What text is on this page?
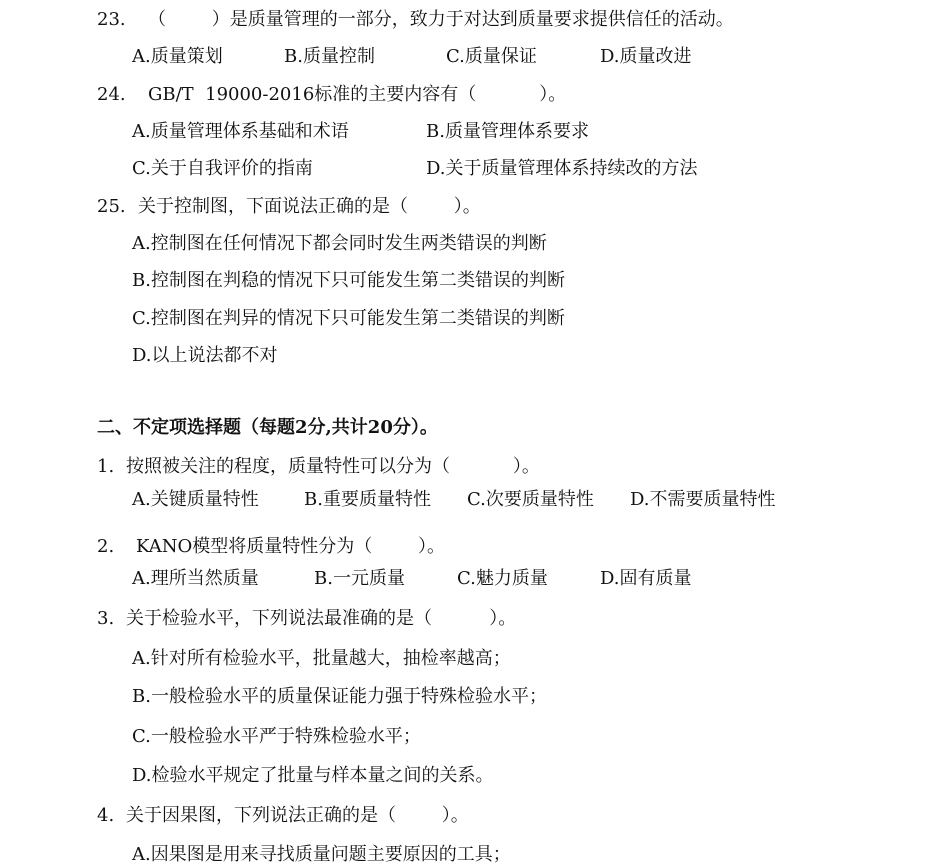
23. （        ）是质量管理的一部分，致力于对达到质量要求提供信任的活动。
A.质量策划	B.质量控制	C.质量保证	D.质量改进
24. GB/T  19000-2016标准的主要内容有（           ）。
A.质量管理体系基础和术语	B.质量管理体系要求
C.关于自我评价的指南	D.关于质量管理体系持续改的方法
25. 关于控制图，下面说法正确的是（        ）。
A.控制图在任何情况下都会同时发生两类错误的判断
B.控制图在判稳的情况下只可能发生第二类错误的判断
C.控制图在判异的情况下只可能发生第二类错误的判断
D.以上说法都不对
二、不定项选择题（每题2分,共计20分）。
1. 按照被关注的程度，质量特性可以分为（           ）。
A.关键质量特性	B.重要质量特性 C.次要质量特性 D.不需要质量特性
2. KANO模型将质量特性分为（        ）。
A.理所当然质量	B.一元质量	C.魅力质量	D.固有质量
3. 关于检验水平，下列说法最准确的是（          ）。
A.针对所有检验水平，批量越大，抽检率越高；
B.一般检验水平的质量保证能力强于特殊检验水平；
C.一般检验水平严于特殊检验水平；
D.检验水平规定了批量与样本量之间的关系。
4. 关于因果图，下列说法正确的是（        ）。
A.因果图是用来寻找质量问题主要原因的工具；
